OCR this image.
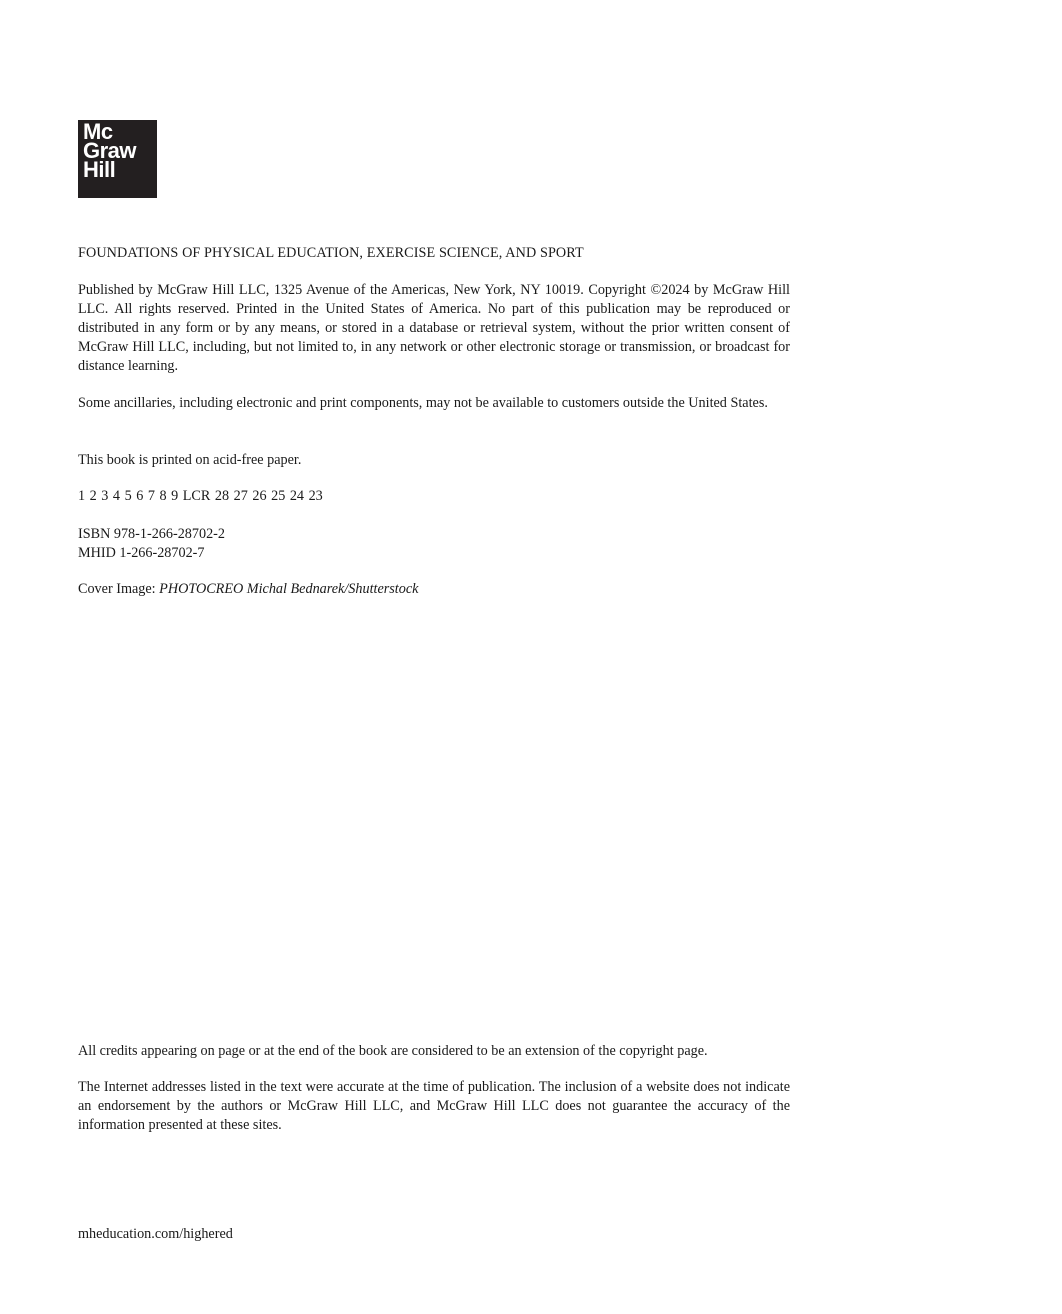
Mc
Graw
Hill
FOUNDATIONS OF PHYSICAL EDUCATION, EXERCISE SCIENCE, AND SPORT

Published by McGraw Hill LLC, 1325 Avenue of the Americas, New York, NY 10019. Copyright ©2024 by McGraw Hill LLC. All rights reserved. Printed in the United States of America. No part of this publication may be reproduced or distributed in any form or by any means, or stored in a database or retrieval system, without the prior written consent of McGraw Hill LLC, including, but not limited to, in any network or other electronic storage or transmission, or broadcast for distance learning.

Some ancillaries, including electronic and print components, may not be available to customers outside the United States.

This book is printed on acid-free paper.
1 2 3 4 5 6 7 8 9 LCR 28 27 26 25 24 23

ISBN 978-1-266-28702-2

MHID 1-266-28702-7

Cover Image: PHOTOCREO Michal Bednarek/Shutterstock
All credits appearing on page or at the end of the book are considered to be an extension of the copyright page.

The Internet addresses listed in the text were accurate at the time of publication. The inclusion of a website does not indicate an endorsement by the authors or McGraw Hill LLC, and McGraw Hill LLC does not guarantee the accuracy of the information presented at these sites.

mheducation.com/highered
